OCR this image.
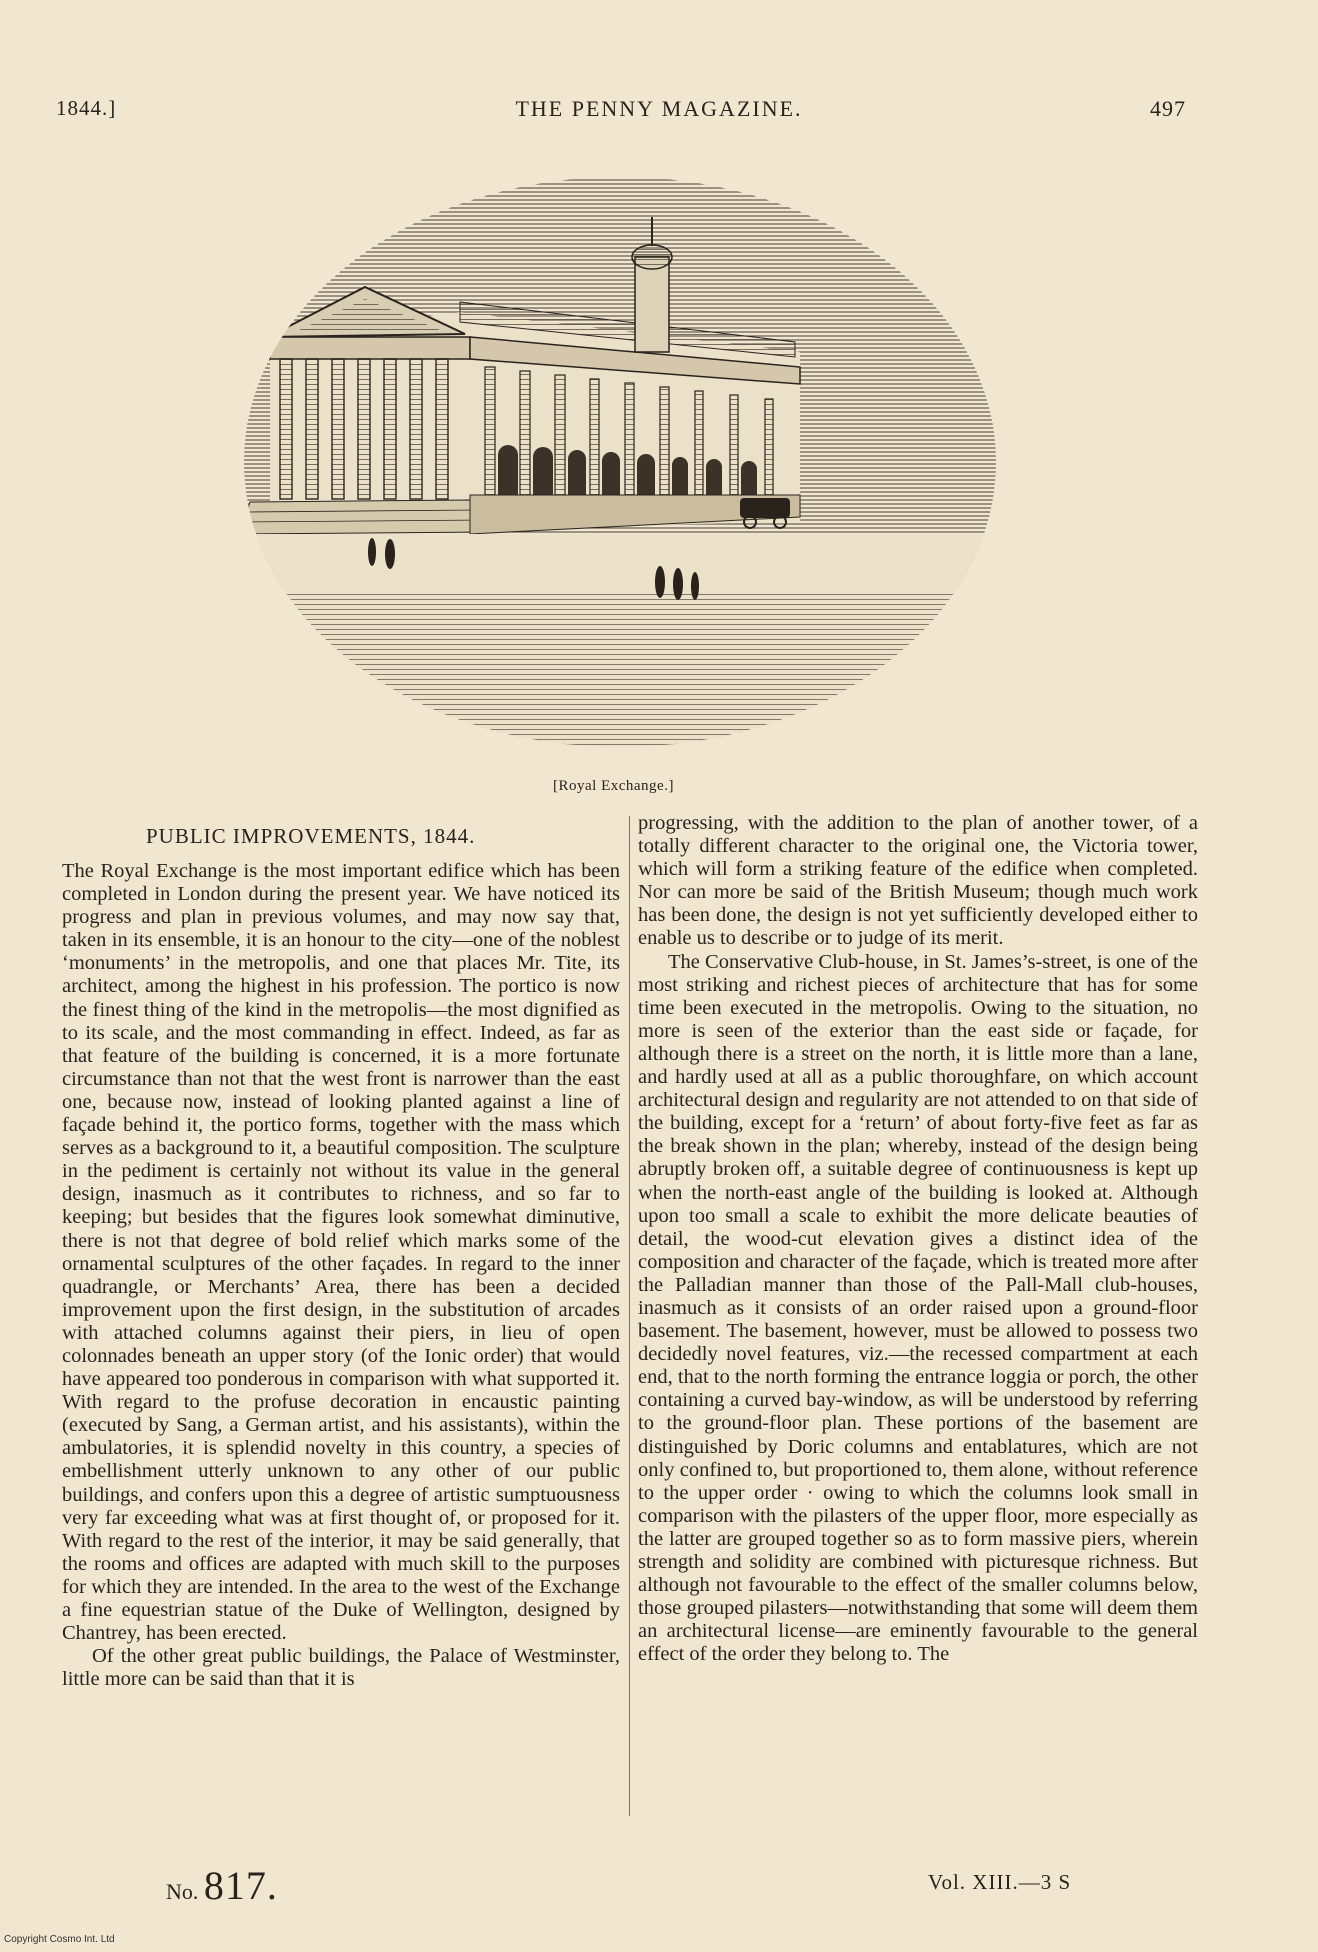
1844.]	THE PENNY MAGAZINE.	497
[Royal Exchange.]
PUBLIC IMPROVEMENTS, 1844.

The Royal Exchange is the most important edifice which has been completed in London during the present year. We have noticed its progress and plan in previous volumes, and may now say that, taken in its ensemble, it is an honour to the city—one of the noblest ‘monuments’ in the metropolis, and one that places Mr. Tite, its architect, among the highest in his profession. The portico is now the finest thing of the kind in the metropolis—the most dignified as to its scale, and the most commanding in effect. Indeed, as far as that feature of the building is concerned, it is a more fortunate circumstance than not that the west front is narrower than the east one, because now, instead of looking planted against a line of façade behind it, the portico forms, together with the mass which serves as a background to it, a beautiful composition. The sculpture in the pediment is certainly not without its value in the general design, inasmuch as it contributes to richness, and so far to keeping; but besides that the figures look somewhat diminutive, there is not that degree of bold relief which marks some of the ornamental sculptures of the other façades. In regard to the inner quadrangle, or Merchants’ Area, there has been a decided improvement upon the first design, in the substitution of arcades with attached columns against their piers, in lieu of open colonnades beneath an upper story (of the Ionic order) that would have appeared too ponderous in comparison with what supported it. With regard to the profuse decoration in encaustic painting (executed by Sang, a German artist, and his assistants), within the ambulatories, it is splendid novelty in this country, a species of embellishment utterly unknown to any other of our public buildings, and confers upon this a degree of artistic sumptuousness very far exceeding what was at first thought of, or proposed for it. With regard to the rest of the interior, it may be said generally, that the rooms and offices are adapted with much skill to the purposes for which they are intended. In the area to the west of the Exchange a fine equestrian statue of the Duke of Wellington, designed by Chantrey, has been erected.

Of the other great public buildings, the Palace of Westminster, little more can be said than that it is

progressing, with the addition to the plan of another tower, of a totally different character to the original one, the Victoria tower, which will form a striking feature of the edifice when completed. Nor can more be said of the British Museum; though much work has been done, the design is not yet sufficiently developed either to enable us to describe or to judge of its merit.

The Conservative Club-house, in St. James’s-street, is one of the most striking and richest pieces of architecture that has for some time been executed in the metropolis. Owing to the situation, no more is seen of the exterior than the east side or façade, for although there is a street on the north, it is little more than a lane, and hardly used at all as a public thoroughfare, on which account architectural design and regularity are not attended to on that side of the building, except for a ‘return’ of about forty-five feet as far as the break shown in the plan; whereby, instead of the design being abruptly broken off, a suitable degree of continuousness is kept up when the north-east angle of the building is looked at. Although upon too small a scale to exhibit the more delicate beauties of detail, the wood-cut elevation gives a distinct idea of the composition and character of the façade, which is treated more after the Palladian manner than those of the Pall-Mall club-houses, inasmuch as it consists of an order raised upon a ground-floor basement. The basement, however, must be allowed to possess two decidedly novel features, viz.—the recessed compartment at each end, that to the north forming the entrance loggia or porch, the other containing a curved bay-window, as will be understood by referring to the ground-floor plan. These portions of the basement are distinguished by Doric columns and entablatures, which are not only confined to, but proportioned to, them alone, without reference to the upper order · owing to which the columns look small in comparison with the pilasters of the upper floor, more especially as the latter are grouped together so as to form massive piers, wherein strength and solidity are combined with picturesque richness. But although not favourable to the effect of the smaller columns below, those grouped pilasters—notwithstanding that some will deem them an architectural license—are eminently favourable to the general effect of the order they belong to. The

No. 817.	Vol. XIII.—3 S
Copyright Cosmo Int. Ltd
